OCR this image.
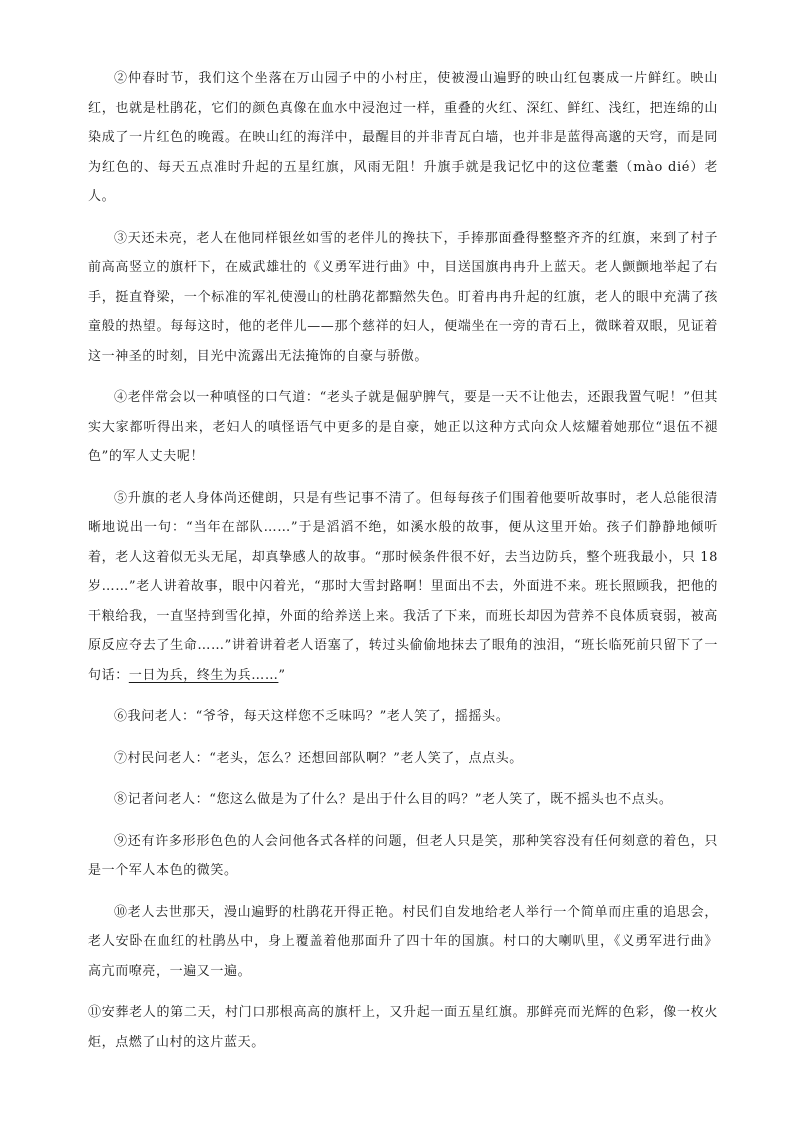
②仲春时节，我们这个坐落在万山园子中的小村庄，使被漫山遍野的映山红包裹成一片鲜红。映山红，也就是杜鹃花，它们的颜色真像在血水中浸泡过一样，重叠的火红、深红、鲜红、浅红，把连绵的山染成了一片红色的晚霞。在映山红的海洋中，最醒目的并非青瓦白墙，也并非是蓝得高邈的天穹，而是同为红色的、每天五点准时升起的五星红旗，风雨无阻！升旗手就是我记忆中的这位耄耋（mào dié）老人。

③天还未亮，老人在他同样银丝如雪的老伴儿的搀扶下，手捧那面叠得整整齐齐的红旗，来到了村子前高高竖立的旗杆下，在威武雄壮的《义勇军进行曲》中，目送国旗冉冉升上蓝天。老人颤颤地举起了右手，挺直脊梁，一个标准的军礼使漫山的杜鹃花都黯然失色。盯着冉冉升起的红旗，老人的眼中充满了孩童般的热望。每每这时，他的老伴儿——那个慈祥的妇人，便端坐在一旁的青石上，微眯着双眼，见证着这一神圣的时刻，目光中流露出无法掩饰的自豪与骄傲。

④老伴常会以一种嗔怪的口气道：“老头子就是倔驴脾气，要是一天不让他去，还跟我置气呢！”但其实大家都听得出来，老妇人的嗔怪语气中更多的是自豪，她正以这种方式向众人炫耀着她那位“退伍不褪色”的军人丈夫呢！

⑤升旗的老人身体尚还健朗，只是有些记事不清了。但每每孩子们围着他要听故事时，老人总能很清晰地说出一句：“当年在部队……”于是滔滔不绝，如溪水般的故事，便从这里开始。孩子们静静地倾听着，老人这着似无头无尾，却真挚感人的故事。“那时候条件很不好，去当边防兵，整个班我最小，只 18 岁……”老人讲着故事，眼中闪着光，“那时大雪封路啊！里面出不去，外面进不来。班长照顾我，把他的干粮给我，一直坚持到雪化掉，外面的给养送上来。我活了下来，而班长却因为营养不良体质衰弱，被高原反应夺去了生命……”讲着讲着老人语塞了，转过头偷偷地抹去了眼角的浊泪，“班长临死前只留下了一句话：一日为兵，终生为兵……”

⑥我问老人：“爷爷，每天这样您不乏味吗？”老人笑了，摇摇头。

⑦村民问老人：“老头，怎么？还想回部队啊？”老人笑了，点点头。

⑧记者问老人：“您这么做是为了什么？是出于什么目的吗？”老人笑了，既不摇头也不点头。

⑨还有许多形形色色的人会问他各式各样的问题，但老人只是笑，那种笑容没有任何刻意的着色，只是一个军人本色的微笑。

⑩老人去世那天，漫山遍野的杜鹃花开得正艳。村民们自发地给老人举行一个简单而庄重的追思会，老人安卧在血红的杜鹃丛中，身上覆盖着他那面升了四十年的国旗。村口的大喇叭里，《义勇军进行曲》高亢而嘹亮，一遍又一遍。

⑪安葬老人的第二天，村门口那根高高的旗杆上，又升起一面五星红旗。那鲜亮而光辉的色彩，像一枚火炬，点燃了山村的这片蓝天。
